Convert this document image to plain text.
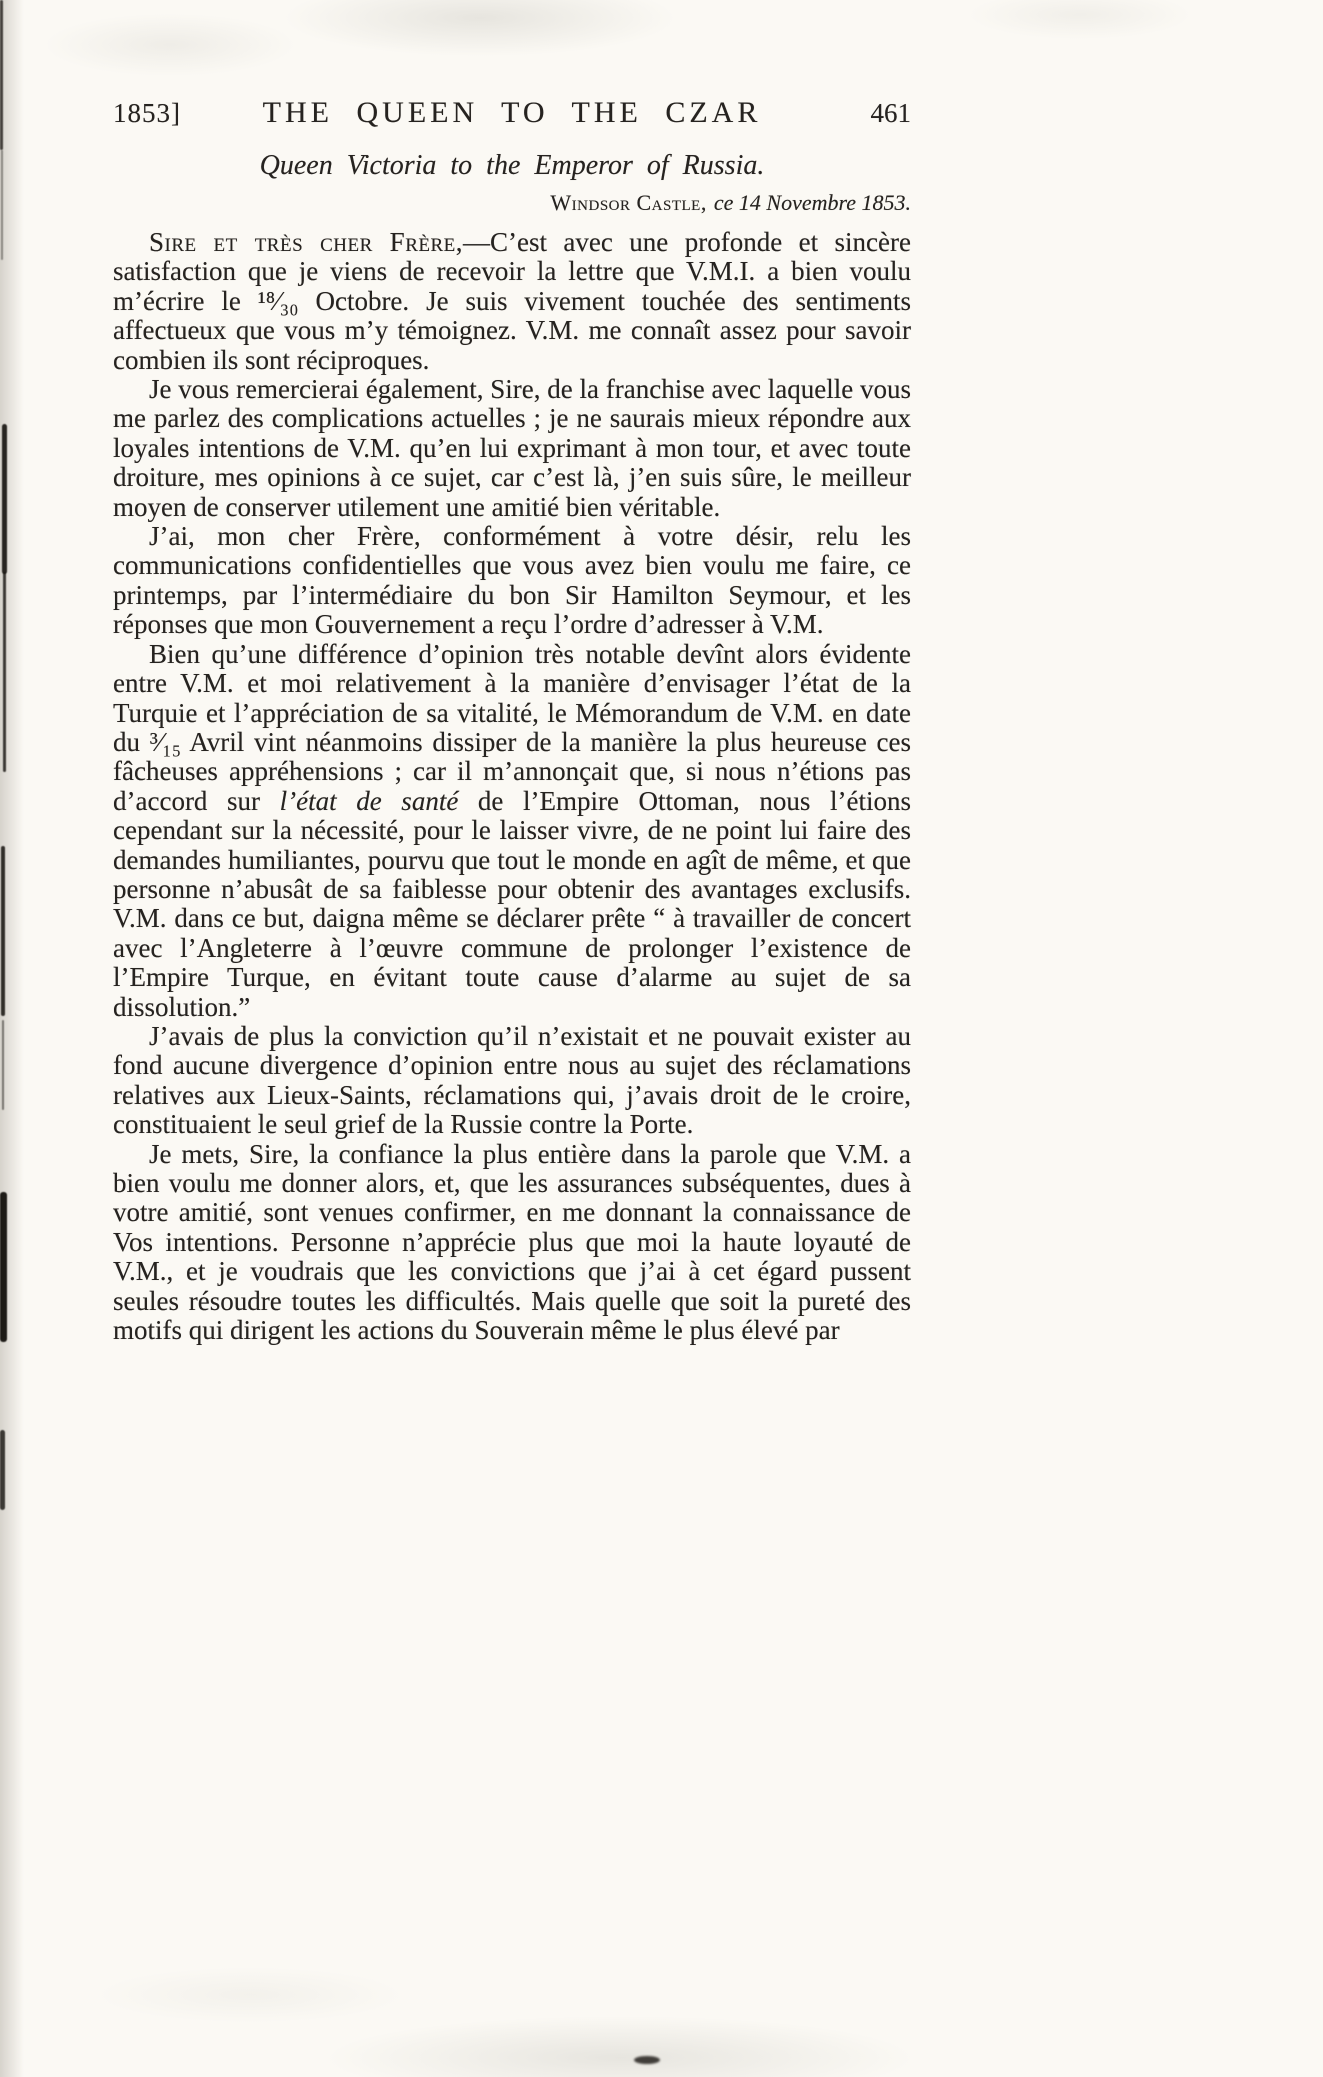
1853]	THE QUEEN TO THE CZAR	461
Queen Victoria to the Emperor of Russia.
Windsor Castle, ce 14 Novembre 1853.

Sire et très cher Frère,—C’est avec une profonde et sincère satisfaction que je viens de recevoir la lettre que V.M.I. a bien voulu m’écrire le ¹⁸⁄₃₀ Octobre. Je suis vivement touchée des sentiments affectueux que vous m’y témoignez. V.M. me connaît assez pour savoir combien ils sont réciproques.

Je vous remercierai également, Sire, de la franchise avec laquelle vous me parlez des complications actuelles ; je ne saurais mieux répondre aux loyales intentions de V.M. qu’en lui exprimant à mon tour, et avec toute droiture, mes opinions à ce sujet, car c’est là, j’en suis sûre, le meilleur moyen de conserver utilement une amitié bien véritable.

J’ai, mon cher Frère, conformément à votre désir, relu les communications confidentielles que vous avez bien voulu me faire, ce printemps, par l’intermédiaire du bon Sir Hamilton Seymour, et les réponses que mon Gouvernement a reçu l’ordre d’adresser à V.M.

Bien qu’une différence d’opinion très notable devînt alors évidente entre V.M. et moi relativement à la manière d’envisager l’état de la Turquie et l’appréciation de sa vitalité, le Mémorandum de V.M. en date du ³⁄₁₅ Avril vint néanmoins dissiper de la manière la plus heureuse ces fâcheuses appréhensions ; car il m’annonçait que, si nous n’étions pas d’accord sur l’état de santé de l’Empire Ottoman, nous l’étions cependant sur la nécessité, pour le laisser vivre, de ne point lui faire des demandes humiliantes, pourvu que tout le monde en agît de même, et que personne n’abusât de sa faiblesse pour obtenir des avantages exclusifs. V.M. dans ce but, daigna même se déclarer prête “ à travailler de concert avec l’Angleterre à l’œuvre commune de prolonger l’existence de l’Empire Turque, en évitant toute cause d’alarme au sujet de sa dissolution.”

J’avais de plus la conviction qu’il n’existait et ne pouvait exister au fond aucune divergence d’opinion entre nous au sujet des réclamations relatives aux Lieux-Saints, réclamations qui, j’avais droit de le croire, constituaient le seul grief de la Russie contre la Porte.

Je mets, Sire, la confiance la plus entière dans la parole que V.M. a bien voulu me donner alors, et, que les assurances subséquentes, dues à votre amitié, sont venues confirmer, en me donnant la connaissance de Vos intentions. Personne n’apprécie plus que moi la haute loyauté de V.M., et je voudrais que les convictions que j’ai à cet égard pussent seules résoudre toutes les difficultés. Mais quelle que soit la pureté des motifs qui dirigent les actions du Souverain même le plus élevé par
